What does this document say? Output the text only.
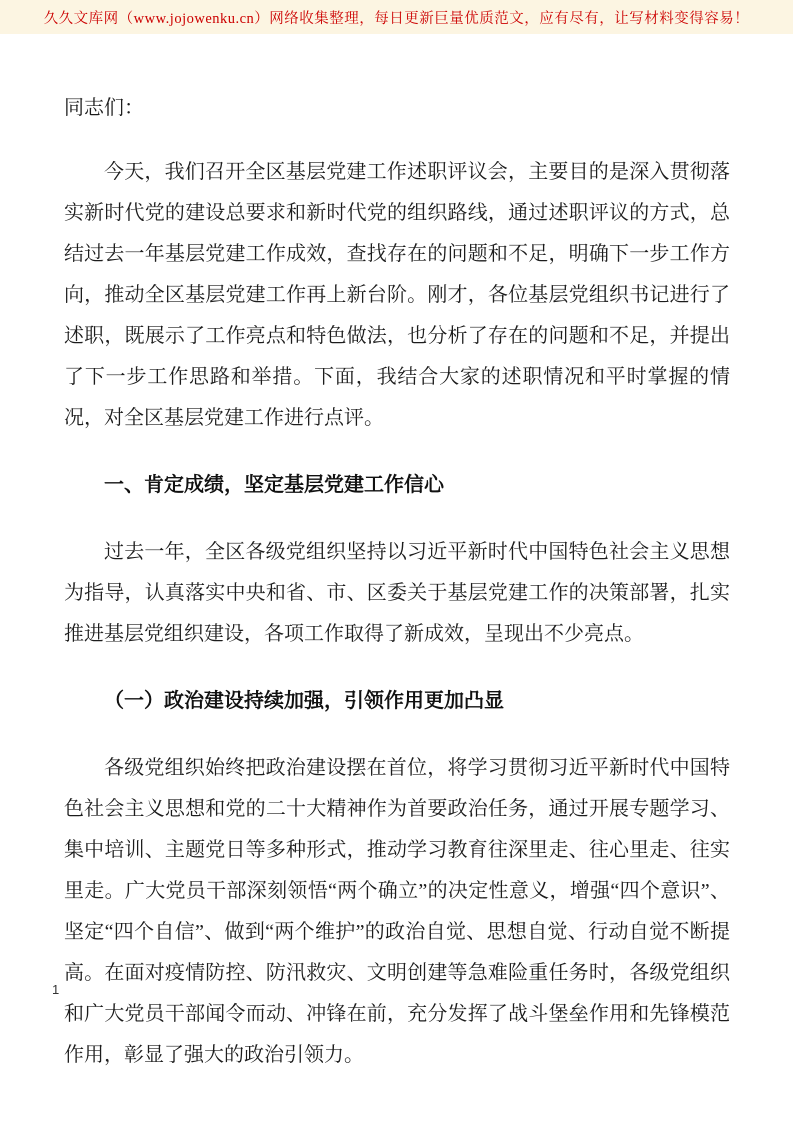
久久文库网（www.jojowenku.cn）网络收集整理，每日更新巨量优质范文，应有尽有，让写材料变得容易！

同志们：

今天，我们召开全区基层党建工作述职评议会，主要目的是深入贯彻落实新时代党的建设总要求和新时代党的组织路线，通过述职评议的方式，总结过去一年基层党建工作成效，查找存在的问题和不足，明确下一步工作方向，推动全区基层党建工作再上新台阶。刚才，各位基层党组织书记进行了述职，既展示了工作亮点和特色做法，也分析了存在的问题和不足，并提出了下一步工作思路和举措。下面，我结合大家的述职情况和平时掌握的情况，对全区基层党建工作进行点评。

一、肯定成绩，坚定基层党建工作信心

过去一年，全区各级党组织坚持以习近平新时代中国特色社会主义思想为指导，认真落实中央和省、市、区委关于基层党建工作的决策部署，扎实推进基层党组织建设，各项工作取得了新成效，呈现出不少亮点。

（一）政治建设持续加强，引领作用更加凸显

各级党组织始终把政治建设摆在首位，将学习贯彻习近平新时代中国特色社会主义思想和党的二十大精神作为首要政治任务，通过开展专题学习、集中培训、主题党日等多种形式，推动学习教育往深里走、往心里走、往实里走。广大党员干部深刻领悟“两个确立”的决定性意义，增强“四个意识”、坚定“四个自信”、做到“两个维护”的政治自觉、思想自觉、行动自觉不断提高。在面对疫情防控、防汛救灾、文明创建等急难险重任务时，各级党组织和广大党员干部闻令而动、冲锋在前，充分发挥了战斗堡垒作用和先锋模范作用，彰显了强大的政治引领力。

1
